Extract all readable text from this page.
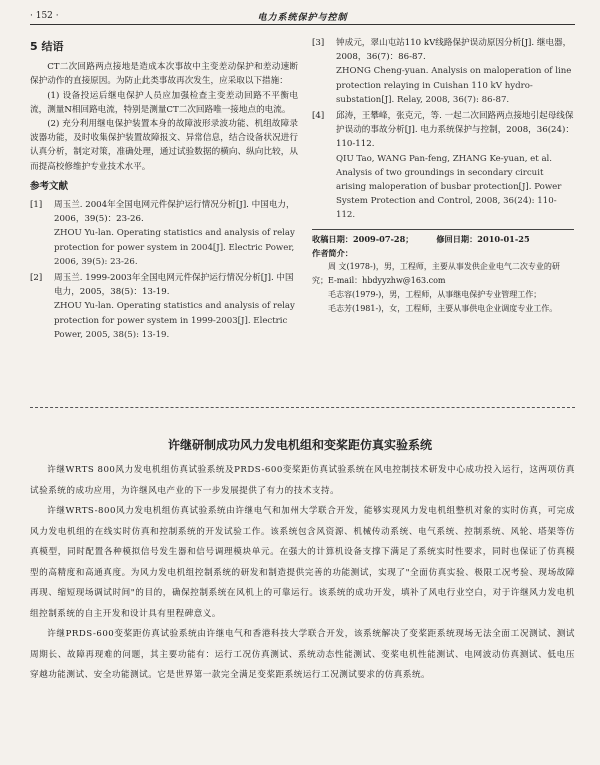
· 152 ·	电力系统保护与控制
5 结语

CT二次回路两点接地是造成本次事故中主变差动保护和差动速断保护动作的直接原因。为防止此类事故再次发生，应采取以下措施：

(1) 设备投运后继电保护人员应加强检查主变差动回路不平衡电流，测量N相回路电流，特别是测量CT二次回路唯一接地点的电流。

(2) 充分利用继电保护装置本身的故障波形录波功能、机组故障录波器功能，及时收集保护装置故障报文、异常信息，结合设备状况进行认真分析，制定对策，准确处理，通过试验数据的横向、纵向比较，从而提高校修维护专业技术水平。

参考文献
[1] 周玉兰. 2004年全国电网元件保护运行情况分析[J]. 中国电力，2006，39(5)：23-26.

ZHOU Yu-lan. Operating statistics and analysis of relay protection for power system in 2004[J]. Electric Power, 2006, 39(5): 23-26.

[2] 周玉兰. 1999-2003年全国电网元件保护运行情况分析[J]. 中国电力，2005，38(5)：13-19.

ZHOU Yu-lan. Operating statistics and analysis of relay protection for power system in 1999-2003[J]. Electric Power, 2005, 38(5): 13-19.

[3] 钟成元，翠山屯站110 kV线路保护误动原因分析[J]. 继电器，2008，36(7)：86-87.

ZHONG Cheng-yuan. Analysis on maloperation of line protection relaying in Cuishan 110 kV hydro-substation[J]. Relay, 2008, 36(7): 86-87.

[4] 邱涛，王攀峰，张克元，等. 一起二次回路两点接地引起母线保护误动的事故分析[J]. 电力系统保护与控制，2008，36(24)：110-112.

QIU Tao, WANG Pan-feng, ZHANG Ke-yuan, et al. Analysis of two groundings in secondary circuit arising maloperation of busbar protection[J]. Power System Protection and Control, 2008, 36(24): 110-112.

收稿日期：2009-07-28；	修回日期：2010-01-25
作者简介：

周 文(1978-)，男，工程师，主要从事发供企业电气二次专业的研究；E-mail：hbdyyzhw@163.com

毛志容(1979-)，男，工程师，从事继电保护专业管理工作；

毛志芳(1981-)，女，工程师，主要从事供电企业调度专业工作。

许继研制成功风力发电机组和变桨距仿真实验系统

许继WRTS 800风力发电机组仿真试验系统及PRDS-600变桨距仿真试验系统在风电控制技术研发中心成功投入运行，这两项仿真试验系统的成功应用，为许继风电产业的下一步发展提供了有力的技术支持。

许继WRTS-800风力发电机组仿真试验系统由许继电气和加州大学联合开发，能够实现风力发电机组整机对象的实时仿真，可完成风力发电机组的在线实时仿真和控制系统的开发试验工作。该系统包含风资源、机械传动系统、电气系统、控制系统、风轮、塔架等仿真模型，同时配置各种模拟信号发生器和信号调理模块单元。在强大的计算机设备支撑下满足了系统实时性要求，同时也保证了仿真模型的高精度和高通真度。为风力发电机组控制系统的研发和制造提供完善的功能测试，实现了"全面仿真实验、极限工况考验、现场故障再现、缩短现场调试时间"的目的，确保控制系统在风机上的可靠运行。该系统的成功开发，填补了风电行业空白，对于许继风力发电机组控制系统的自主开发和设计具有里程碑意义。

许继PRDS-600变桨距仿真试验系统由许继电气和香港科技大学联合开发，该系统解决了变桨距系统现场无法全面工况测试、测试周期长、故障再现难的问题，其主要功能有：运行工况仿真测试、系统动态性能测试、变桨电机性能测试、电网波动仿真测试、低电压穿越功能测试、安全功能测试。它是世界第一款完全满足变桨距系统运行工况测试要求的仿真系统。
